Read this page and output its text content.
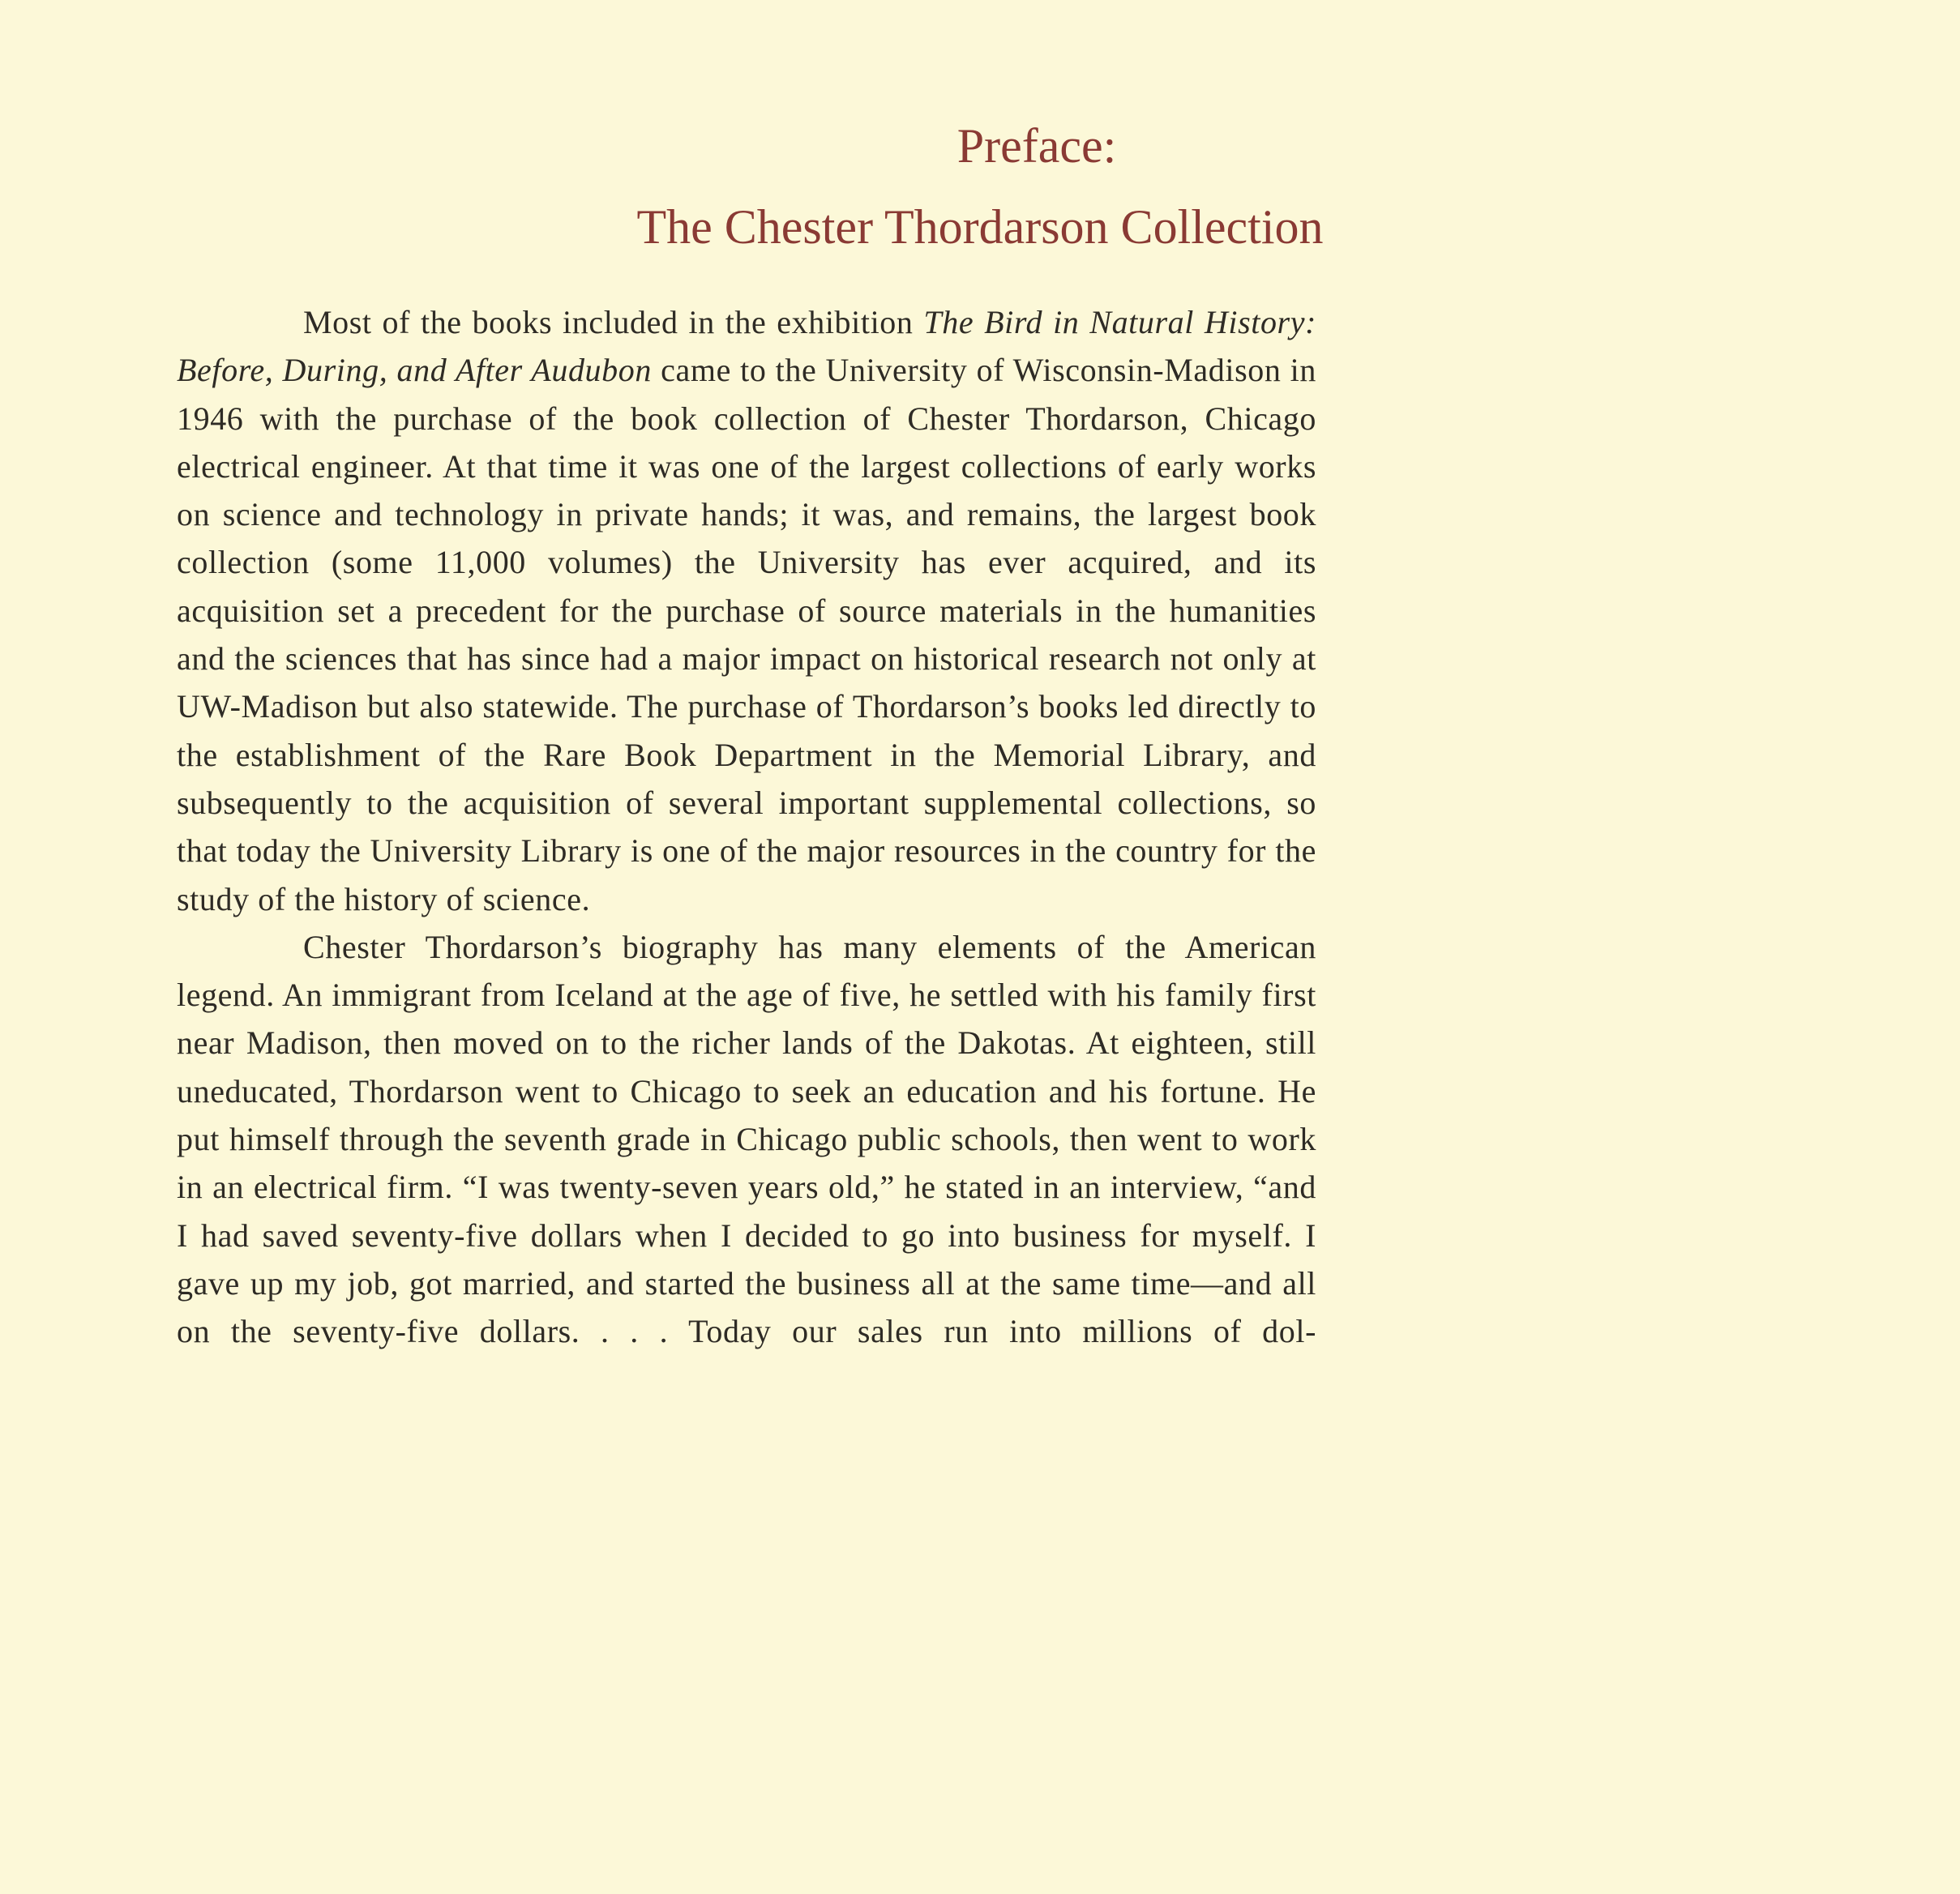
Preface:
The Chester Thordarson Collection

Most of the books included in the exhibition The Bird in Natural History: Before, During, and After Audubon came to the University of Wisconsin-Madison in 1946 with the purchase of the book collection of Chester Thordarson, Chicago electrical engineer. At that time it was one of the largest collections of early works on science and technology in private hands; it was, and remains, the largest book collection (some 11,000 volumes) the University has ever acquired, and its acquisition set a precedent for the purchase of source materials in the humanities and the sciences that has since had a major impact on historical research not only at UW-Madison but also statewide. The purchase of Thordarson’s books led directly to the establishment of the Rare Book Department in the Memorial Library, and subsequently to the acquisition of several important supplemental collections, so that today the University Library is one of the major resources in the country for the study of the history of science.

Chester Thordarson’s biography has many elements of the American legend. An immigrant from Iceland at the age of five, he settled with his family first near Madison, then moved on to the richer lands of the Dakotas. At eighteen, still uneducated, Thordarson went to Chicago to seek an education and his fortune. He put himself through the seventh grade in Chicago public schools, then went to work in an electrical firm. “I was twenty-seven years old,” he stated in an interview, “and I had saved seventy-five dollars when I decided to go into business for myself. I gave up my job, got married, and started the business all at the same time—and all on the seventy-five dollars. . . . Today our sales run into millions of dol-
